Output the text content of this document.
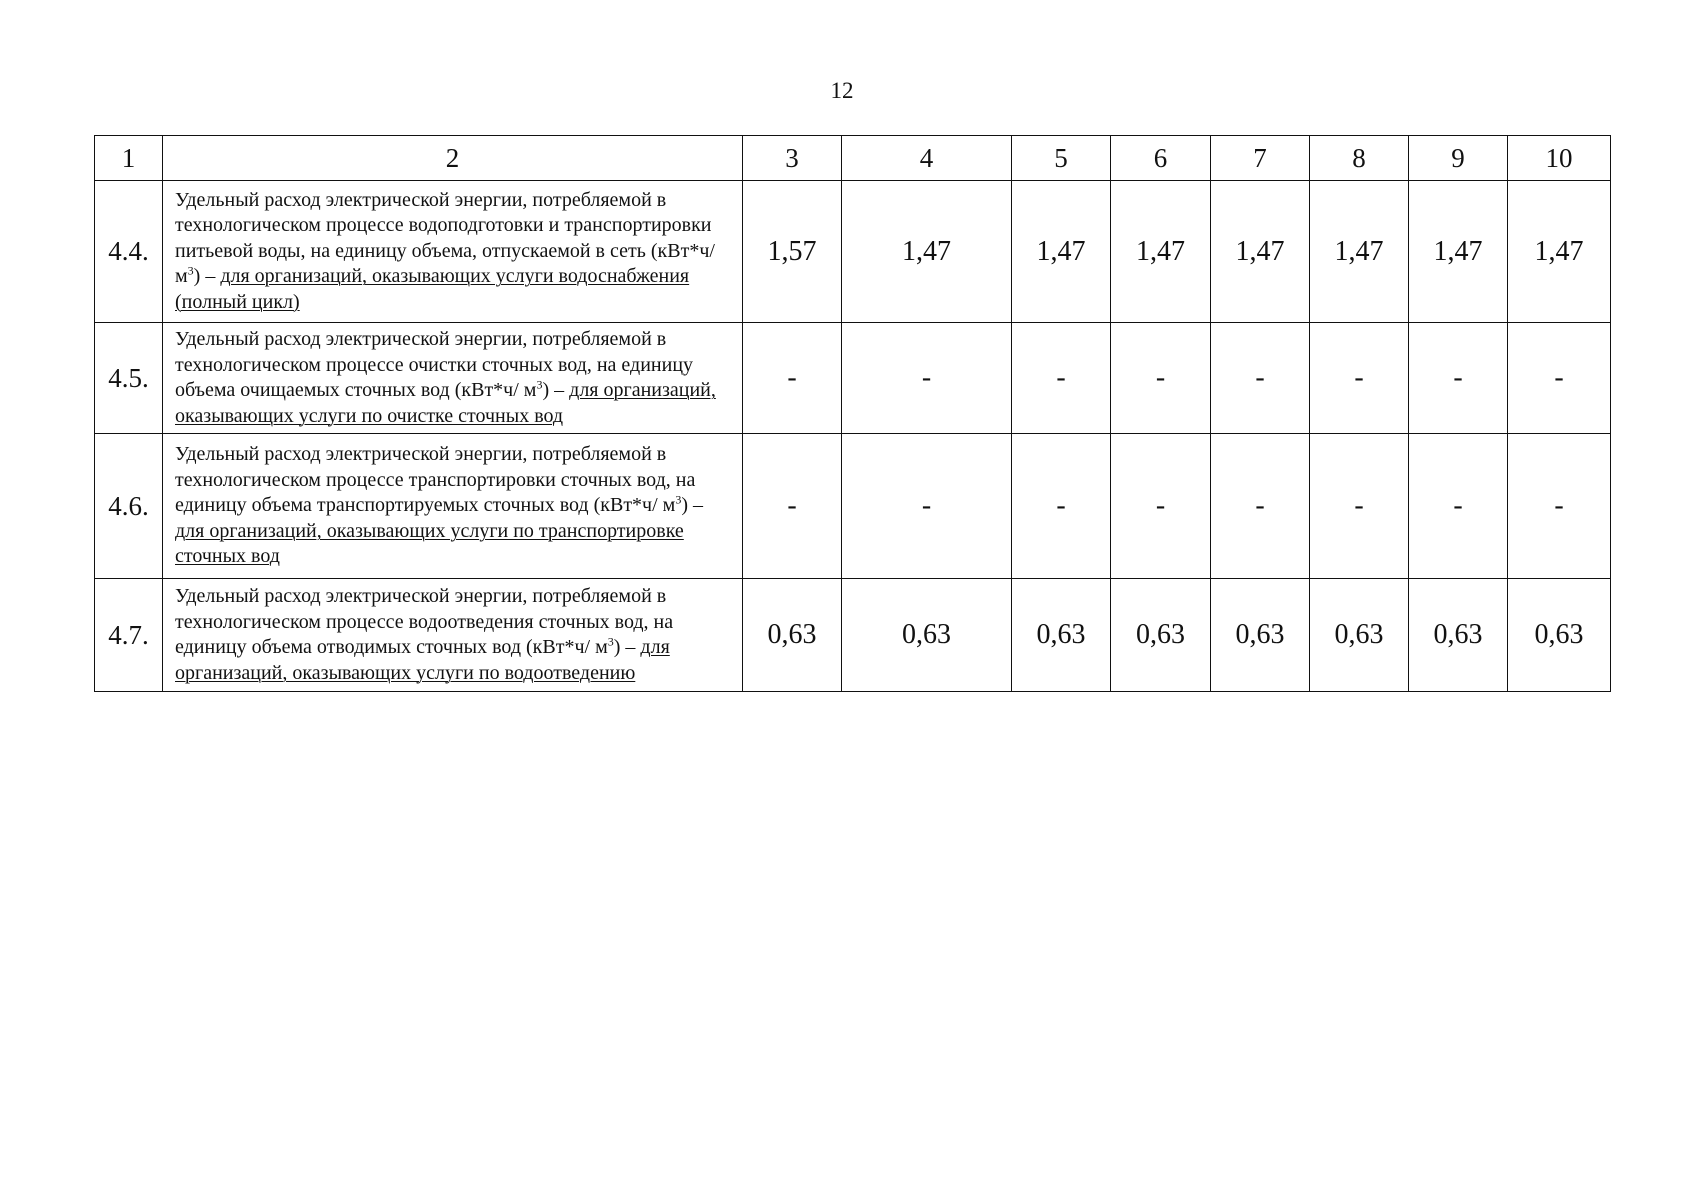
12
1	2	3	4	5	6	7	8	9	10
4.4.	Удельный расход электрической энергии, потребляемой в технологическом процессе водоподготовки и транспортировки питьевой воды, на единицу объема, отпускаемой в сеть $(кВт*ч/м^3)$ – для организаций, оказывающих услуги водоснабжения (полный цикл)	1,57	1,47	1,47	1,47	1,47	1,47	1,47	1,47
4.5.	Удельный расход электрической энергии, потребляемой в технологическом процессе очистки сточных вод, на единицу объема очищаемых сточных вод (кВт*ч/ $м^3$) – для организаций, оказывающих услуги по очистке сточных вод	-	-	-	-	-	-	-	-
4.6.	Удельный расход электрической энергии, потребляемой в технологическом процессе транспортировки сточных вод, на единицу объема транспортируемых сточных вод (кВт*ч/ $м^3$) – для организаций, оказывающих услуги по транспортировке сточных вод	-	-	-	-	-	-	-	-
4.7.	Удельный расход электрической энергии, потребляемой в технологическом процессе водоотведения сточных вод, на единицу объема отводимых сточных вод (кВт*ч/ $м^3$) – для организаций, оказывающих услуги по водоотведению	0,63	0,63	0,63	0,63	0,63	0,63	0,63	0,63
